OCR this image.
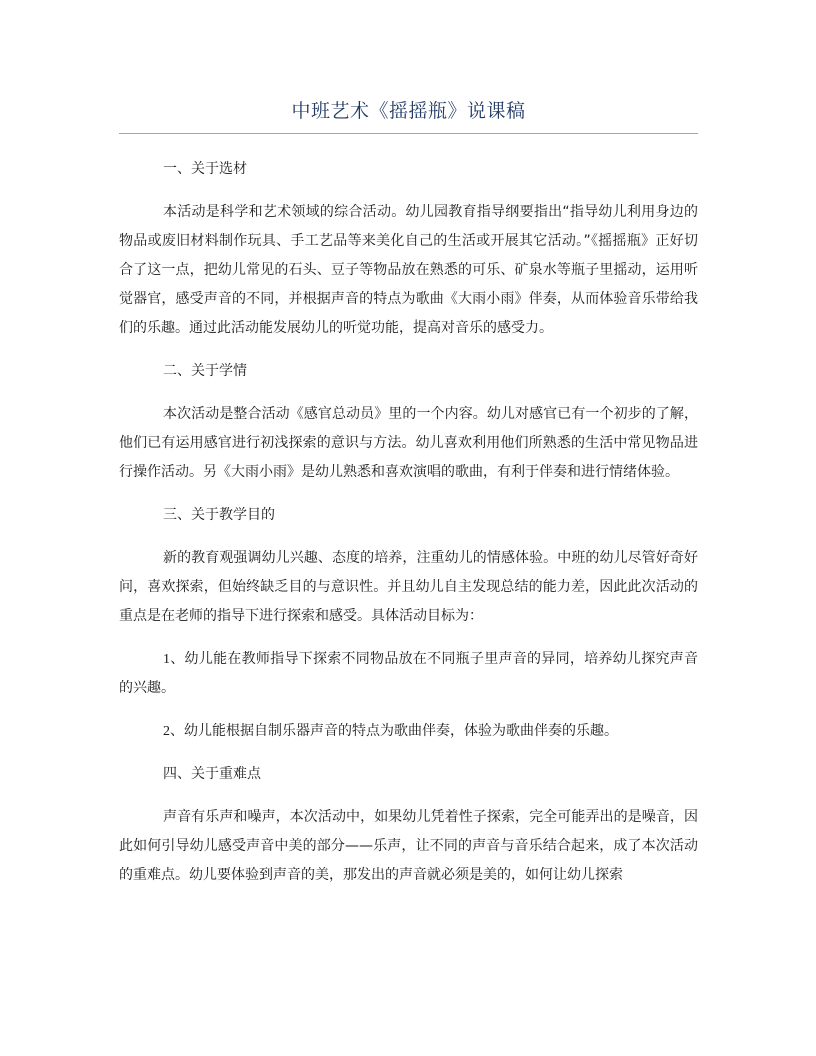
中班艺术《摇摇瓶》说课稿

一、关于选材

本活动是科学和艺术领域的综合活动。幼儿园教育指导纲要指出“指导幼儿利用身边的物品或废旧材料制作玩具、手工艺品等来美化自己的生活或开展其它活动。”《摇摇瓶》正好切合了这一点，把幼儿常见的石头、豆子等物品放在熟悉的可乐、矿泉水等瓶子里摇动，运用听觉器官，感受声音的不同，并根据声音的特点为歌曲《大雨小雨》伴奏，从而体验音乐带给我们的乐趣。通过此活动能发展幼儿的听觉功能，提高对音乐的感受力。

二、关于学情

本次活动是整合活动《感官总动员》里的一个内容。幼儿对感官已有一个初步的了解，他们已有运用感官进行初浅探索的意识与方法。幼儿喜欢利用他们所熟悉的生活中常见物品进行操作活动。另《大雨小雨》是幼儿熟悉和喜欢演唱的歌曲，有利于伴奏和进行情绪体验。

三、关于教学目的

新的教育观强调幼儿兴趣、态度的培养，注重幼儿的情感体验。中班的幼儿尽管好奇好问，喜欢探索，但始终缺乏目的与意识性。并且幼儿自主发现总结的能力差，因此此次活动的重点是在老师的指导下进行探索和感受。具体活动目标为：

1、幼儿能在教师指导下探索不同物品放在不同瓶子里声音的异同，培养幼儿探究声音的兴趣。

2、幼儿能根据自制乐器声音的特点为歌曲伴奏，体验为歌曲伴奏的乐趣。

四、关于重难点

声音有乐声和噪声，本次活动中，如果幼儿凭着性子探索，完全可能弄出的是噪音，因此如何引导幼儿感受声音中美的部分——乐声，让不同的声音与音乐结合起来，成了本次活动的重难点。幼儿要体验到声音的美，那发出的声音就必须是美的，如何让幼儿探索
